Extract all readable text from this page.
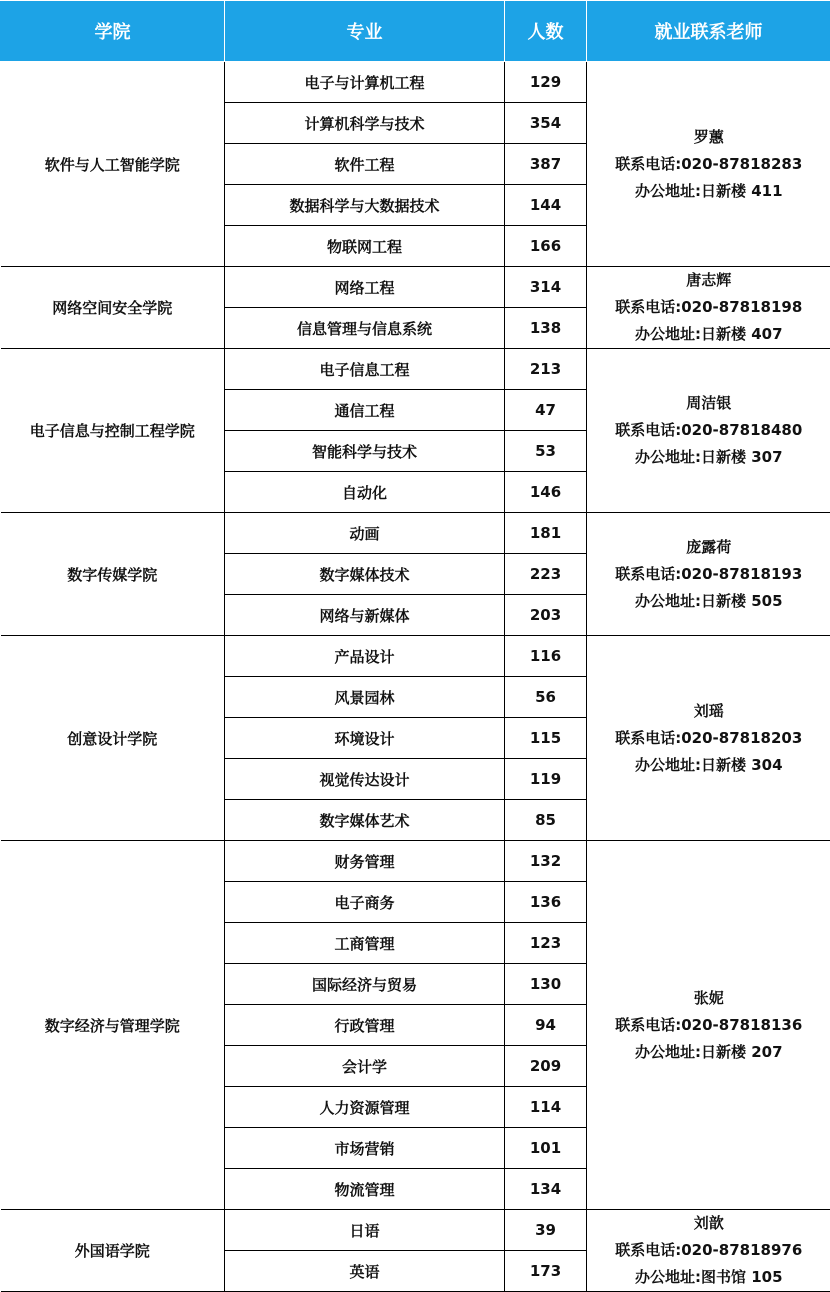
学院	专业	人数	就业联系老师
软件与人工智能学院	电子与计算机工程	129	罗蕙
联系电话:020-87818283
办公地址:日新楼 411

	计算机科学与技术	354	
	软件工程	387	
	数据科学与大数据技术	144	
	物联网工程	166	
网络空间安全学院	网络工程	314	唐志辉
联系电话:020-87818198
办公地址:日新楼 407

	信息管理与信息系统	138	
电子信息与控制工程学院	电子信息工程	213	周洁银
联系电话:020-87818480
办公地址:日新楼 307

	通信工程	47	
	智能科学与技术	53	
	自动化	146	
数字传媒学院	动画	181	庞露荷
联系电话:020-87818193
办公地址:日新楼 505

	数字媒体技术	223	
	网络与新媒体	203	
创意设计学院	产品设计	116	刘瑶
联系电话:020-87818203
办公地址:日新楼 304

	风景园林	56	
	环境设计	115	
	视觉传达设计	119	
	数字媒体艺术	85	
数字经济与管理学院	财务管理	132	张妮
联系电话:020-87818136
办公地址:日新楼 207

	电子商务	136	
	工商管理	123	
	国际经济与贸易	130	
	行政管理	94	
	会计学	209	
	人力资源管理	114	
	市场营销	101	
	物流管理	134	
外国语学院	日语	39	刘歆
联系电话:020-87818976
办公地址:图书馆 105

	英语	173	
